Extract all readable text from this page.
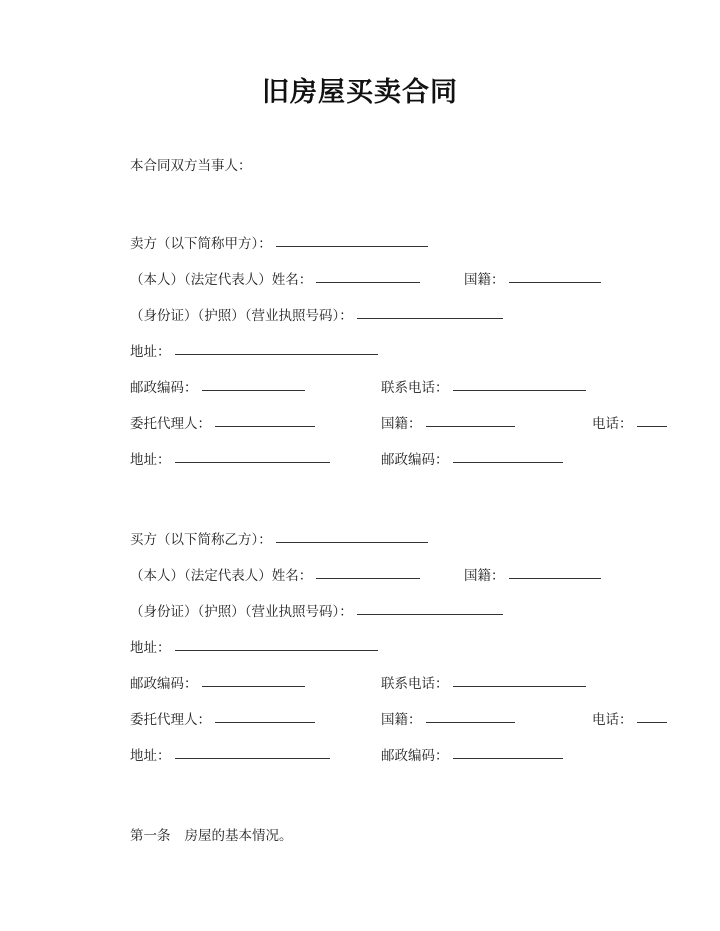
旧房屋买卖合同
本合同双方当事人：
卖方（以下简称甲方）：
（本人）（法定代表人）姓名：	国籍：
（身份证）（护照）（营业执照号码）：
地址：
邮政编码：	联系电话：
委托代理人：	国籍：	电话：
地址：	邮政编码：
买方（以下简称乙方）：
（本人）（法定代表人）姓名：	国籍：
（身份证）（护照）（营业执照号码）：
地址：
邮政编码：	联系电话：
委托代理人：	国籍：	电话：
地址：	邮政编码：
第一条 房屋的基本情况。
